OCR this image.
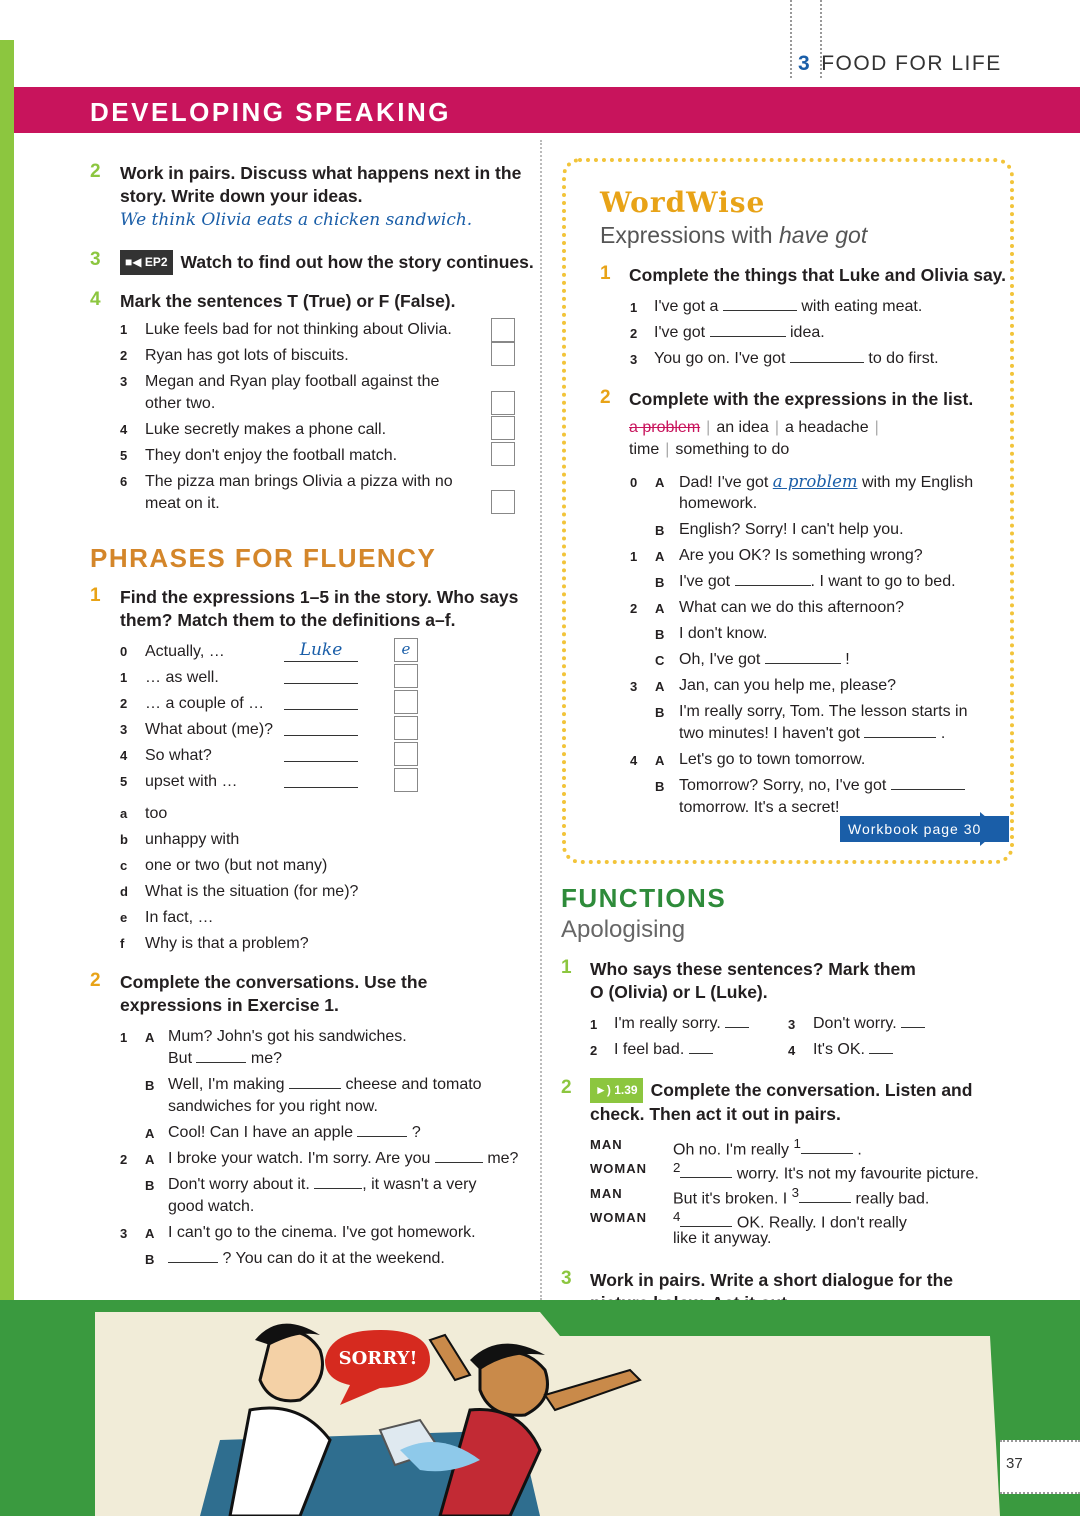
3 FOOD FOR LIFE
DEVELOPING SPEAKING
2 Work in pairs. Discuss what happens next in the story. Write down your ideas.
We think Olivia eats a chicken sandwich.
3	■◀ EP2 Watch to find out how the story continues.
4 Mark the sentences T (True) or F (False).
1 Luke feels bad for not thinking about Olivia.
2 Ryan has got lots of biscuits.
3 Megan and Ryan play football against the other two.
4 Luke secretly makes a phone call.
5 They don't enjoy the football match.
6 The pizza man brings Olivia a pizza with no meat on it.
PHRASES FOR FLUENCY
1 Find the expressions 1–5 in the story. Who says them? Match them to the definitions a–f.
0 Actually, …	Luke	e
1 … as well.
2 … a couple of …
3 What about (me)?
4 So what?
5 upset with …
a too
b unhappy with
c one or two (but not many)
d What is the situation (for me)?
e In fact, …
f Why is that a problem?
2 Complete the conversations. Use the expressions in Exercise 1.
1 A Mum? John's got his sandwiches.
But	me?
B Well, I'm making	cheese and tomato
sandwiches for you right now.
A Cool! Can I have an apple	?
2 A I broke your watch. I'm sorry. Are you	me?
B Don't worry about it.	, it wasn't a very
good watch.
3 A I can't go to the cinema. I've got homework.
B	? You can do it at the weekend.
WordWise
Expressions with have got
1 Complete the things that Luke and Olivia say.
1 I've got a	with eating meat.
2 I've got	idea.
3 You go on. I've got	to do first.
2 Complete with the expressions in the list.
a problem | an idea | a headache |
time | something to do
0 A Dad! I've got a problem with my English
homework.
B English? Sorry! I can't help you.
1 A Are you OK? Is something wrong?
B I've got	. I want to go to bed.
2 A What can we do this afternoon?
B I don't know.
C Oh, I've got	!
3 A Jan, can you help me, please?
B I'm really sorry, Tom. The lesson starts in
two minutes! I haven't got	.
4 A Let's go to town tomorrow.
B Tomorrow? Sorry, no, I've got
tomorrow. It's a secret!
Workbook page 30
FUNCTIONS
Apologising
1 Who says these sentences? Mark them O (Olivia) or L (Luke).
1 I'm really sorry.
2 I feel bad.
3 Don't worry.
4 It's OK.
2	►) 1.39 Complete the conversation. Listen and check. Then act it out in pairs.
MAN	Oh no. I'm really $^1$	.
WOMAN $^2$	worry. It's not my favourite picture.
MAN	But it's broken. I $^3$	really bad.
WOMAN $^4$	OK. Really. I don't really
like it anyway.
3 Work in pairs. Write a short dialogue for the
SORRY!
37
